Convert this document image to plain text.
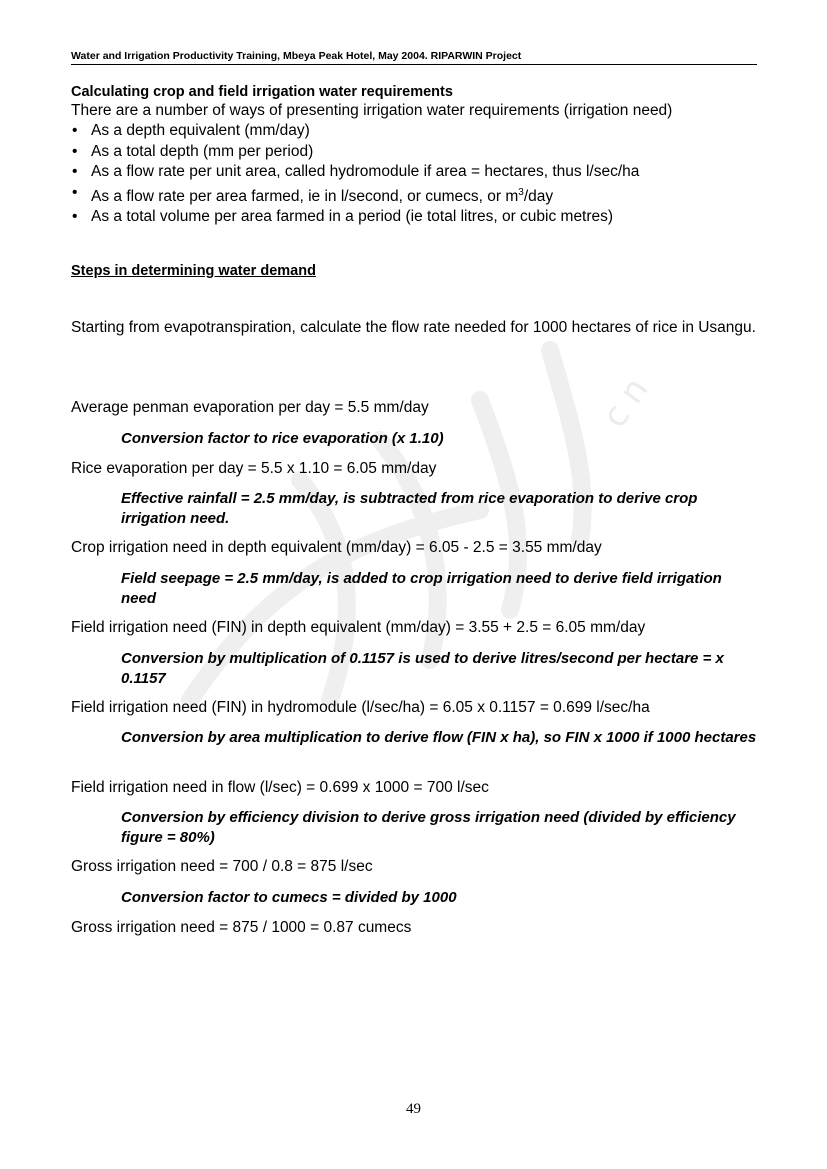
c n
Water and Irrigation Productivity Training, Mbeya Peak Hotel, May 2004. RIPARWIN Project
Calculating crop and field irrigation water requirements
There are a number of ways of presenting irrigation water requirements (irrigation need)
• As a depth equivalent (mm/day)
• As a total depth (mm per period)
• As a flow rate per unit area, called hydromodule if area = hectares, thus l/sec/ha
• As a flow rate per area farmed, ie in l/second, or cumecs, or $m^3$/day
• As a total volume per area farmed in a period (ie total litres, or cubic metres)
Steps in determining water demand
Starting from evapotranspiration, calculate the flow rate needed for 1000 hectares of rice in Usangu.
Average penman evaporation per day = 5.5 mm/day
Conversion factor to rice evaporation (x 1.10)
Rice evaporation per day = 5.5 x 1.10 = 6.05 mm/day
Effective rainfall = 2.5 mm/day, is subtracted from rice evaporation to derive crop irrigation need.
Crop irrigation need in depth equivalent (mm/day) = 6.05 - 2.5 = 3.55 mm/day
Field seepage = 2.5 mm/day, is added to crop irrigation need to derive field irrigation need
Field irrigation need (FIN) in depth equivalent (mm/day) = 3.55 + 2.5 = 6.05 mm/day
Conversion by multiplication of 0.1157 is used to derive litres/second per hectare = x 0.1157
Field irrigation need (FIN) in hydromodule (l/sec/ha) = 6.05 x 0.1157 = 0.699 l/sec/ha
Conversion by area multiplication to derive flow (FIN x ha), so FIN x 1000 if 1000 hectares
Field irrigation need in flow (l/sec) = 0.699 x 1000 = 700 l/sec
Conversion by efficiency division to derive gross irrigation need (divided by efficiency figure = 80%)
Gross irrigation need = 700 / 0.8 = 875 l/sec
Conversion factor to cumecs = divided by 1000
Gross irrigation need = 875 / 1000 = 0.87 cumecs
49
